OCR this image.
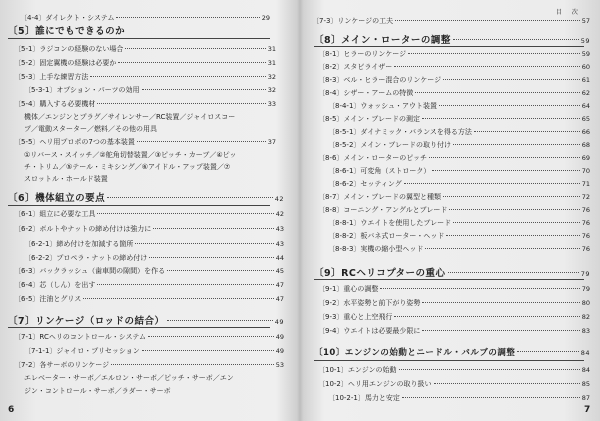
〔4-4〕ダイレクト・システム	29
〔5〕誰にでもできるのか
〔5-1〕ラジコンの経験のない場合	31
〔5-2〕固定翼機の経験は必要か	31
〔5-3〕上手な練習方法	32
〔5-3-1〕オプション・パーツの効用	32
〔5-4〕購入する必要機材	33
機体／エンジンとプラグ／サイレンサー／RC装置／ジャイロスコー
プ／電動スターター／燃料／その他の用具
〔5-5〕ヘリ用プロポの7つの基本装置	37
①リバース・スイッチ／②舵角切替装置／③ピッチ・カーブ／④ピッ
チ・トリム／⑤テール・ミキシング／⑥アイドル・アップ装置／⑦
スロットル・ホールド装置
〔6〕機体組立の要点	42
〔6-1〕組立に必要な工具	42
〔6-2〕ボルトやナットの締め付けは強力に	43
〔6-2-1〕締め付けを加減する箇所	43
〔6-2-2〕プロペラ・ナットの締め付け	44
〔6-3〕バックラッシュ（歯車間の隙間）を作る	45
〔6-4〕芯（しん）を出す	47
〔6-5〕注油とグリス	47
〔7〕リンケージ（ロッドの結合）	49
〔7-1〕RCヘリのコントロール・システム	49
〔7-1-1〕ジャイロ・プリセッション	49
〔7-2〕各サーボのリンケージ	53
エレベーター・サーボ／エルロン・サーボ／ピッチ・サーボ／エン
ジン・コントロール・サーボ／ラダー・サーボ
6
目 次
〔7-3〕リンケージの工夫	57
〔8〕メイン・ローターの調整	59
〔8-1〕ヒラーのリンケージ	59
〔8-2〕スタビライザー	60
〔8-3〕ベル・ヒラー混合のリンケージ	61
〔8-4〕シザー・アームの特徴	62
〔8-4-1〕ウォッシュ・アウト装置	64
〔8-5〕メイン・ブレードの測定	65
〔8-5-1〕ダイナミック・バランスを得る方法	66
〔8-5-2〕メイン・ブレードの取り付け	68
〔8-6〕メイン・ローターのピッチ	69
〔8-6-1〕可変角（ストローク）	70
〔8-6-2〕セッティング	71
〔8-7〕メイン・ブレードの翼型と種類	72
〔8-8〕コーニング・アングルとブレード	76
〔8-8-1〕ウエイトを使用したブレード	76
〔8-8-2〕板バネ式ローター・ヘッド	76
〔8-8-3〕実機の縮小型ヘッド	76
〔9〕RCヘリコプターの重心	79
〔9-1〕重心の調整	79
〔9-2〕水平姿勢と前下がり姿勢	80
〔9-3〕重心と上空飛行	82
〔9-4〕ウエイトは必要最少限に	83
〔10〕エンジンの始動とニードル・バルブの調整	84
〔10-1〕エンジンの始動	84
〔10-2〕ヘリ用エンジンの取り扱い	85
〔10-2-1〕馬力と安定	87
7
